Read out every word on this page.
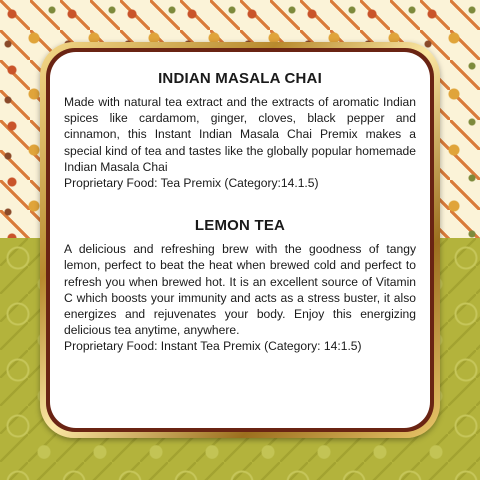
INDIAN MASALA CHAI

Made with natural tea extract and the extracts of aromatic Indian spices like cardamom, ginger, cloves, black pepper and cinnamon, this Instant Indian Masala Chai Premix makes a special kind of tea and tastes like the globally popular homemade Indian Masala Chai

Proprietary Food: Tea Premix (Category:14.1.5)
LEMON TEA

A delicious and refreshing brew with the goodness of tangy lemon, perfect to beat the heat when brewed cold and perfect to refresh you when brewed hot. It is an excellent source of Vitamin C which boosts your immunity and acts as a stress buster, it also energizes and rejuvenates your body. Enjoy this energizing delicious tea anytime, anywhere.

Proprietary Food: Instant Tea Premix (Category: 14:1.5)
